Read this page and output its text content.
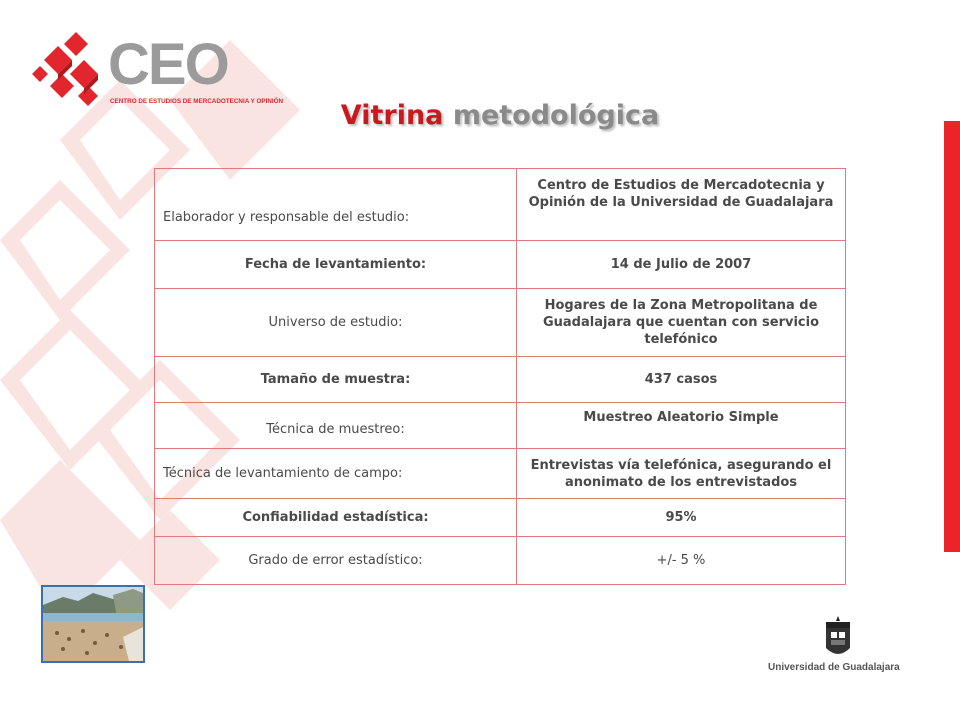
CEO
CENTRO DE ESTUDIOS DE MERCADOTECNIA Y OPINIÓN	Vitrina metodológica
Elaborador y responsable del estudio:	Centro de Estudios de Mercadotecnia y Opinión de la Universidad de Guadalajara
Fecha de levantamiento:	14 de Julio de 2007
Universo de estudio:	Hogares de la Zona Metropolitana de Guadalajara que cuentan con servicio telefónico
Tamaño de muestra:	437 casos
Técnica de muestreo:	Muestreo Aleatorio Simple
Técnica de levantamiento de campo:	Entrevistas vía telefónica, asegurando el anonimato de los entrevistados
Confiabilidad estadística:	95%
Grado de error estadístico:	+/- 5 %
Universidad de Guadalajara
